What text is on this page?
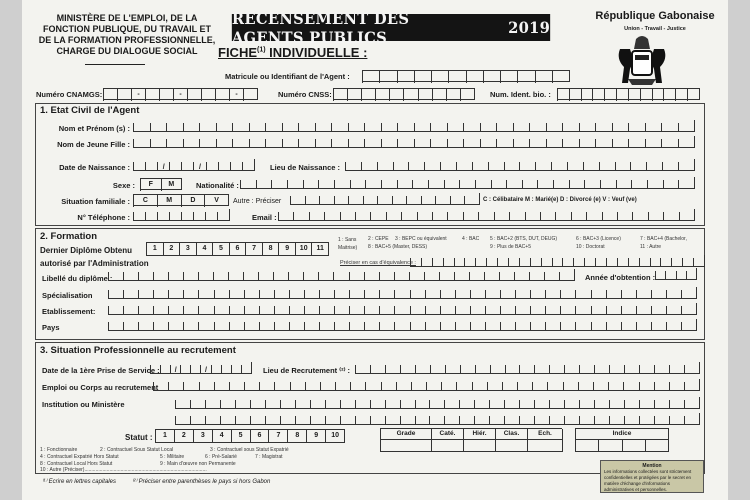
MINISTÈRE DE L'EMPLOI, DE LA
FONCTION PUBLIQUE, DU TRAVAIL ET
DE LA FORMATION PROFESSIONNELLE,
CHARGE DU DIALOGUE SOCIAL
RECENSEMENT DES AGENTS PUBLICS	2019
FICHE$^{(1)}$ INDIVIDUELLE :
République Gabonaise
Union - Travail - Justice
Matricule ou Identifiant de l'Agent :
Numéro CNAMGS:	-	-	-	Numéro CNSS:	Num. Ident. bio. :
1. Etat Civil de l'Agent
Nom et Prénom (s) :
Nom de Jeune Fille :
Date de Naissance :	/	/	Lieu de Naissance :
Sexe :	F	M	Nationalité :
Situation familiale :	C	M	D	V	Autre : Préciser	C : Célibataire M : Marié(e) D : Divorcé (e) V : Veuf (ve)
N° Téléphone :	Email :
2. Formation
Dernier Diplôme Obtenu
autorisé par l'Administration
1	2	3	4	5	6	7	8	9	10	11
1 : Sans Maitrise)
2 : CEPE 3 : BEPC ou équivalent	4 : BAC 5 : BAC+2 (BTS, DUT, DEUG)	6 : BAC+3 (Licence)	7 : BAC+4 (Bachelor,
8 : BAC+5 (Master, DESS)	9 : Plus de BAC+5	10 : Doctorat	11 : Autre
Préciser en cas d'équivalence :
Libellé du diplôme :	Année d'obtention :
Spécialisation
Etablissement:
Pays
3. Situation Professionnelle au recrutement
Date de la 1ère Prise de Service :	/	/	Lieu de Recrutement ⁽²⁾ :
Emploi ou Corps au recrutement
Institution ou Ministère
Statut :	1	2	3	4	5	6	7	8	9	10	Grade	Caté.	Hiér.	Clas.	Ech.	Indice
1 : Fonctionnaire	2 : Contractuel Sous Statut Local	3 : Contractuel sous Statut Expatrié
4 : Contractuel Expatrié Hors Statut	5 : Militaire	6 : Pré-Salarié	7 : Magistrat
8 : Contractuel Local Hors Statut	9 : Main d'œuvre non Permanente
10 : Autre (Préciser)........................................................................................
⁽¹⁾ Ecrire en lettres capitales	⁽²⁾ Préciser entre parenthèses le pays si hors Gabon
Mention
Les informations collectées sont strictement confidentielles et protégées par le secret en matière d'échange d'informations administratives et personnelles.
